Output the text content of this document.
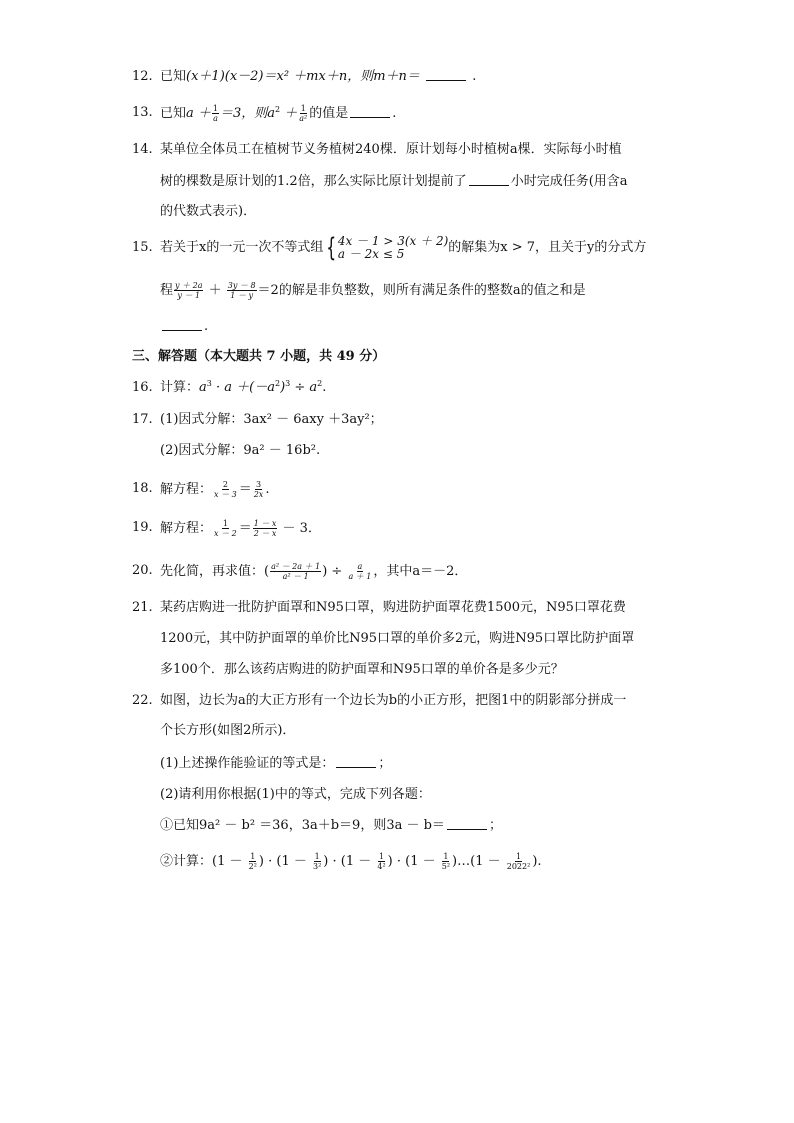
12. 已知(x＋1)(x－2)＝x² ＋mx＋n，则m＋n＝	.
13. 已知$a + \frac{1}{a} =3$，则$a^2 + \frac{1}{\text{a²}}$ 的值是	.
14. 某单位全体员工在植树节义务植树240棵．原计划每小时植树a棵．实际每小时植
树的棵数是原计划的1.2倍，那么实际比原计划提前了	小时完成任务(用含a
的代数式表示)．
15. 若关于x的一元一次不等式组 { 4x － 1 > 3(x ＋ 2)
a － 2x ≤ 5	的解集为x > 7，且关于y的分式方
程 $\frac{y + 2a}{y - 1} + \frac{3y - 8}{1 - y} =2$的解是非负整数，则所有满足条件的整数a的值之和是
.
三、解答题（本大题共 7 小题，共 49 分）
16. 计算：$a^3 \cdot a +(-a^2)^3 \div a^2$.
17. (1)因式分解：3ax² － 6axy ＋3ay²；
(2)因式分解：9a² － 16b².
18. 解方程： $\frac{2}{x - 3} = \frac{3}{2x}$ .
19. 解方程： $\frac{1}{x - 2} = \frac{1 - x}{2 - x} - 3$．
20. 先化简，再求值：( $\frac{\text{a² － 2a ＋ 1}}{\text{a² － 1}}$ ) ÷ $\frac{a}{a + 1}$ ，其中a＝－2．
21. 某药店购进一批防护面罩和N95口罩，购进防护面罩花费1500元，N95口罩花费
1200元，其中防护面罩的单价比N95口罩的单价多2元，购进N95口罩比防护面罩
多100个．那么该药店购进的防护面罩和N95口罩的单价各是多少元？
22. 如图，边长为a的大正方形有一个边长为b的小正方形，把图1中的阴影部分拼成一
个长方形(如图2所示)．
(1)上述操作能验证的等式是：	；
(2)请利用你根据(1)中的等式，完成下列各题：
①已知9a² － b² ＝36，3a＋b＝9，则3a － b＝	；
②计算：($1 - \frac{1}{\text{2²}}$ ) · ($1 - \frac{1}{\text{3²}}$ ) · ($1 - \frac{1}{\text{4²}}$ ) · ($1 - \frac{1}{\text{5²}}$ )…(1 － $\frac{1}{\text{2022²}}$ ).
